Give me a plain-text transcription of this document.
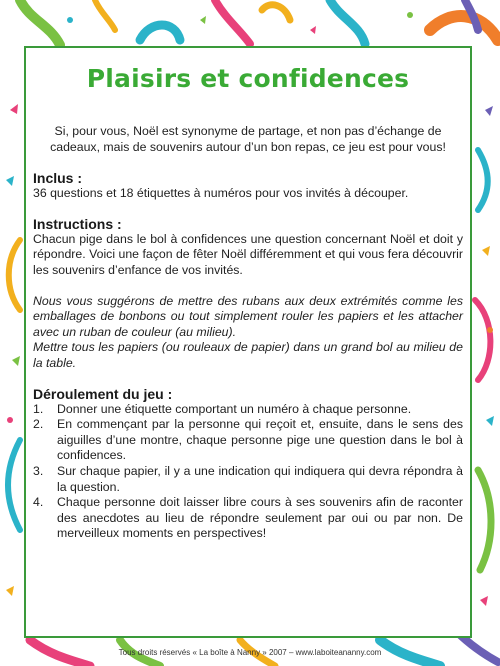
Plaisirs et confidences

Si, pour vous, Noël est synonyme de partage, et non pas d’échange de cadeaux, mais de souvenirs autour d’un bon repas, ce jeu est pour vous!

Inclus :

36 questions et 18 étiquettes à numéros pour vos invités à découper.

Instructions :

Chacun pige dans le bol à confidences une question concernant Noël et doit y répondre. Voici une façon de fêter Noël différemment et qui vous fera découvrir les souvenirs d’enfance de vos invités.

Nous vous suggérons de mettre des rubans aux deux extrémités comme les emballages de bonbons ou tout simplement rouler les papiers et les attacher avec un ruban de couleur (au milieu).

Mettre tous les papiers (ou rouleaux de papier) dans un grand bol au milieu de la table.

Déroulement du jeu :
1.	Donner une étiquette comportant un numéro à chaque personne.
2.	En commençant par la personne qui reçoit et, ensuite, dans le sens des aiguilles d’une montre, chaque personne pige une question dans le bol à confidences.
3.	Sur chaque papier, il y a une indication qui indiquera qui devra répondra à la question.
4.	Chaque personne doit laisser libre cours à ses souvenirs afin de raconter des anecdotes au lieu de répondre seulement par oui ou par non. De merveilleux moments en perspectives!
Tous droits réservés « La boîte à Nanny » 2007 – www.laboiteananny.com
